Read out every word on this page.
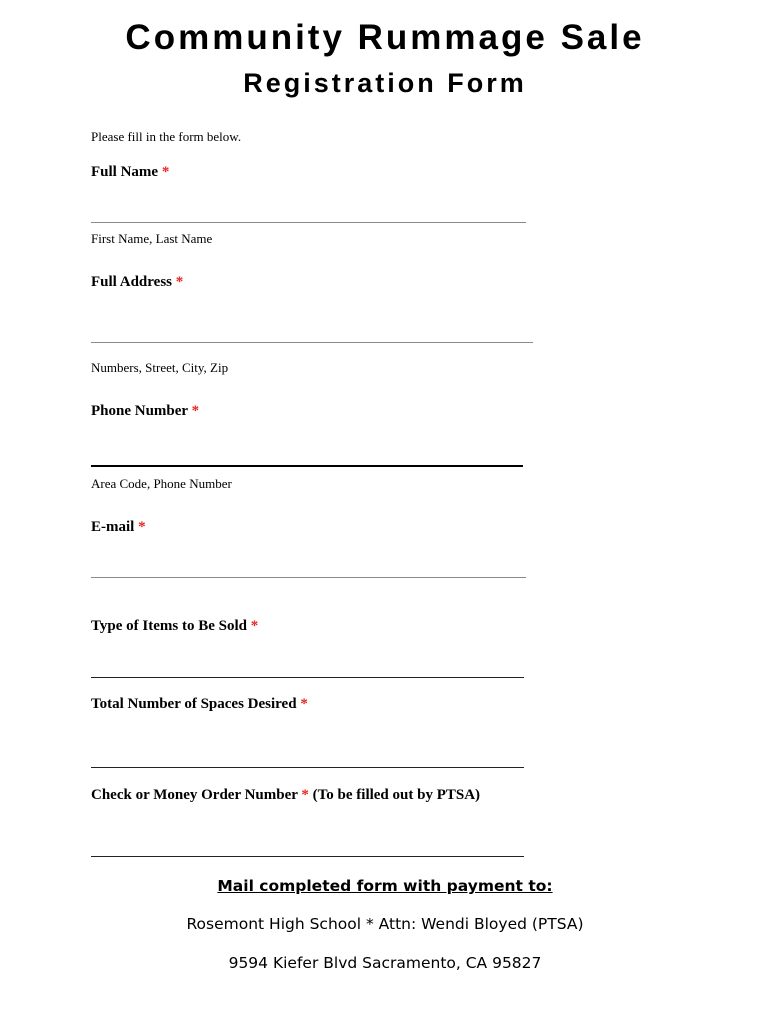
Community Rummage Sale
Registration Form
Please fill in the form below.
Full Name *
First Name, Last Name
Full Address *
Numbers, Street, City, Zip
Phone Number *
Area Code, Phone Number
E-mail *
Type of Items to Be Sold *
Total Number of Spaces Desired *
Check or Money Order Number * (To be filled out by PTSA)
Mail completed form with payment to:
Rosemont High School * Attn: Wendi Bloyed (PTSA)
9594 Kiefer Blvd Sacramento, CA 95827
